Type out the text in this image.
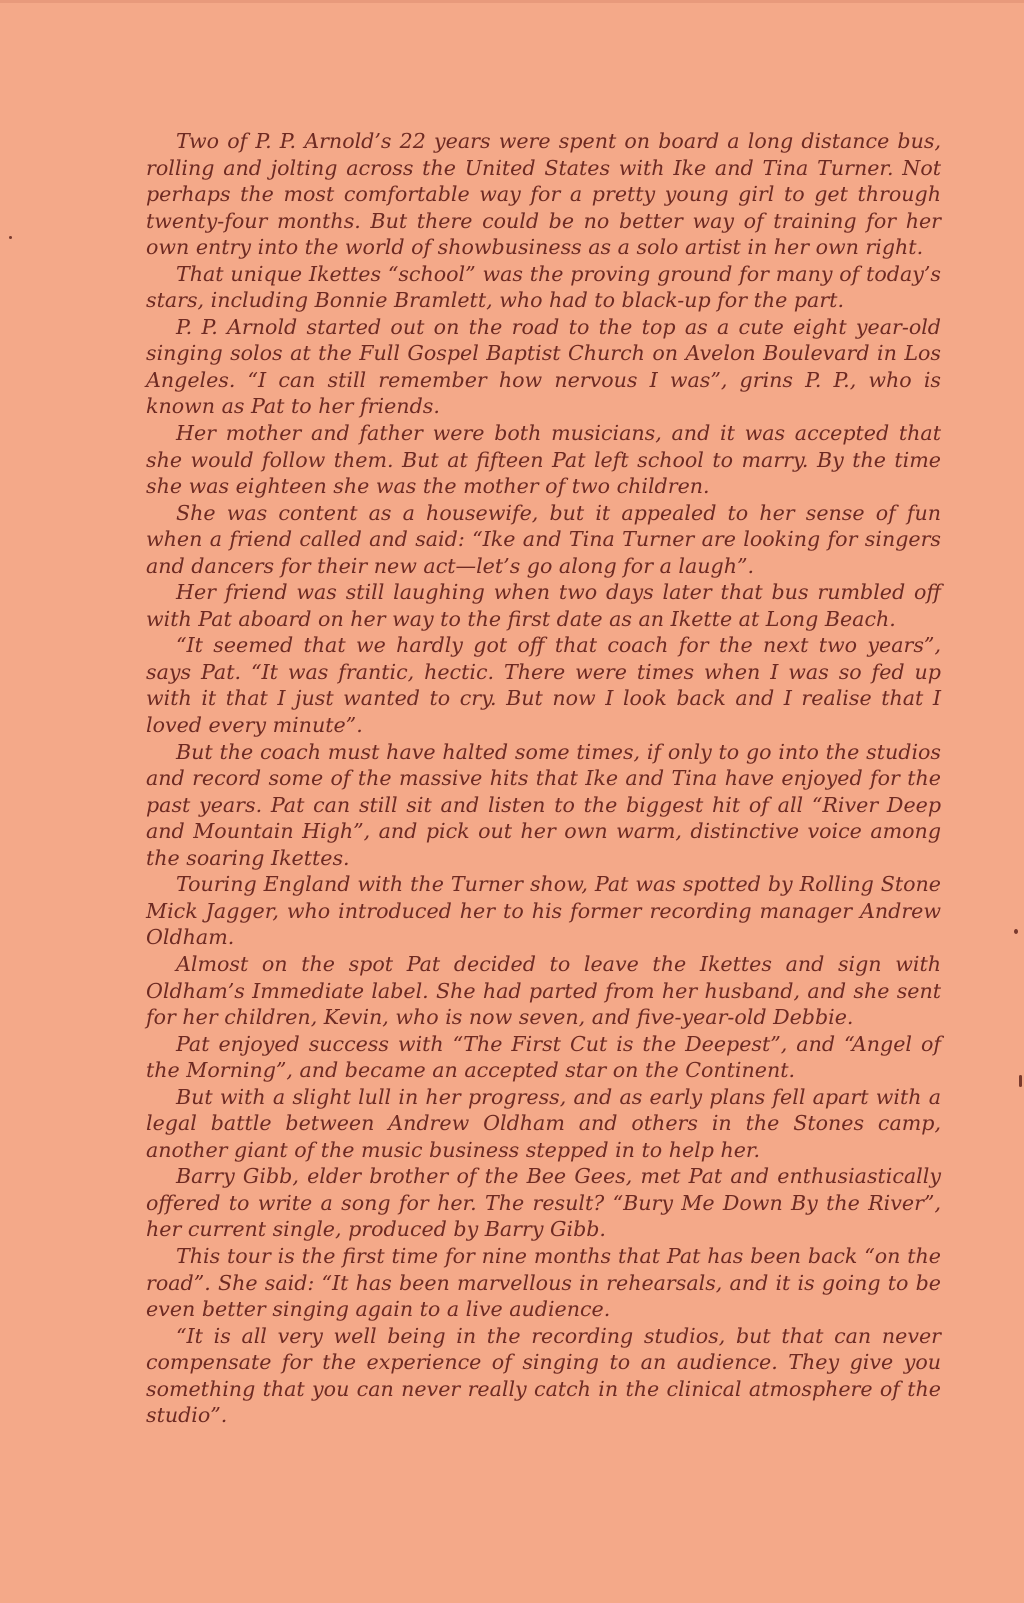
Two of P. P. Arnold’s 22 years were spent on board a long distance bus, rolling and jolting across the United States with Ike and Tina Turner. Not perhaps the most comfortable way for a pretty young girl to get through twenty-four months. But there could be no better way of training for her own entry into the world of showbusiness as a solo artist in her own right.

That unique Ikettes “school” was the proving ground for many of today’s stars, including Bonnie Bramlett, who had to black-up for the part.

P. P. Arnold started out on the road to the top as a cute eight year-old singing solos at the Full Gospel Baptist Church on Avelon Boulevard in Los Angeles. “I can still remember how nervous I was”, grins P. P., who is known as Pat to her friends.

Her mother and father were both musicians, and it was accepted that she would follow them. But at fifteen Pat left school to marry. By the time she was eighteen she was the mother of two children.

She was content as a housewife, but it appealed to her sense of fun when a friend called and said: “Ike and Tina Turner are looking for singers and dancers for their new act—let’s go along for a laugh”.

Her friend was still laughing when two days later that bus rumbled off with Pat aboard on her way to the first date as an Ikette at Long Beach.

“It seemed that we hardly got off that coach for the next two years”, says Pat. “It was frantic, hectic. There were times when I was so fed up with it that I just wanted to cry. But now I look back and I realise that I loved every minute”.

But the coach must have halted some times, if only to go into the studios and record some of the massive hits that Ike and Tina have enjoyed for the past years. Pat can still sit and listen to the biggest hit of all “River Deep and Mountain High”, and pick out her own warm, distinctive voice among the soaring Ikettes.

Touring England with the Turner show, Pat was spotted by Rolling Stone Mick Jagger, who introduced her to his former recording manager Andrew Oldham.

Almost on the spot Pat decided to leave the Ikettes and sign with Oldham’s Immediate label. She had parted from her husband, and she sent for her children, Kevin, who is now seven, and five-year-old Debbie.

Pat enjoyed success with “The First Cut is the Deepest”, and “Angel of the Morning”, and became an accepted star on the Continent.

But with a slight lull in her progress, and as early plans fell apart with a legal battle between Andrew Oldham and others in the Stones camp, another giant of the music business stepped in to help her.

Barry Gibb, elder brother of the Bee Gees, met Pat and enthusiastically offered to write a song for her. The result? “Bury Me Down By the River”, her current single, produced by Barry Gibb.

This tour is the first time for nine months that Pat has been back “on the road”. She said: “It has been marvellous in rehearsals, and it is going to be even better singing again to a live audience.

“It is all very well being in the recording studios, but that can never compensate for the experience of singing to an audience. They give you something that you can never really catch in the clinical atmosphere of the studio”.
